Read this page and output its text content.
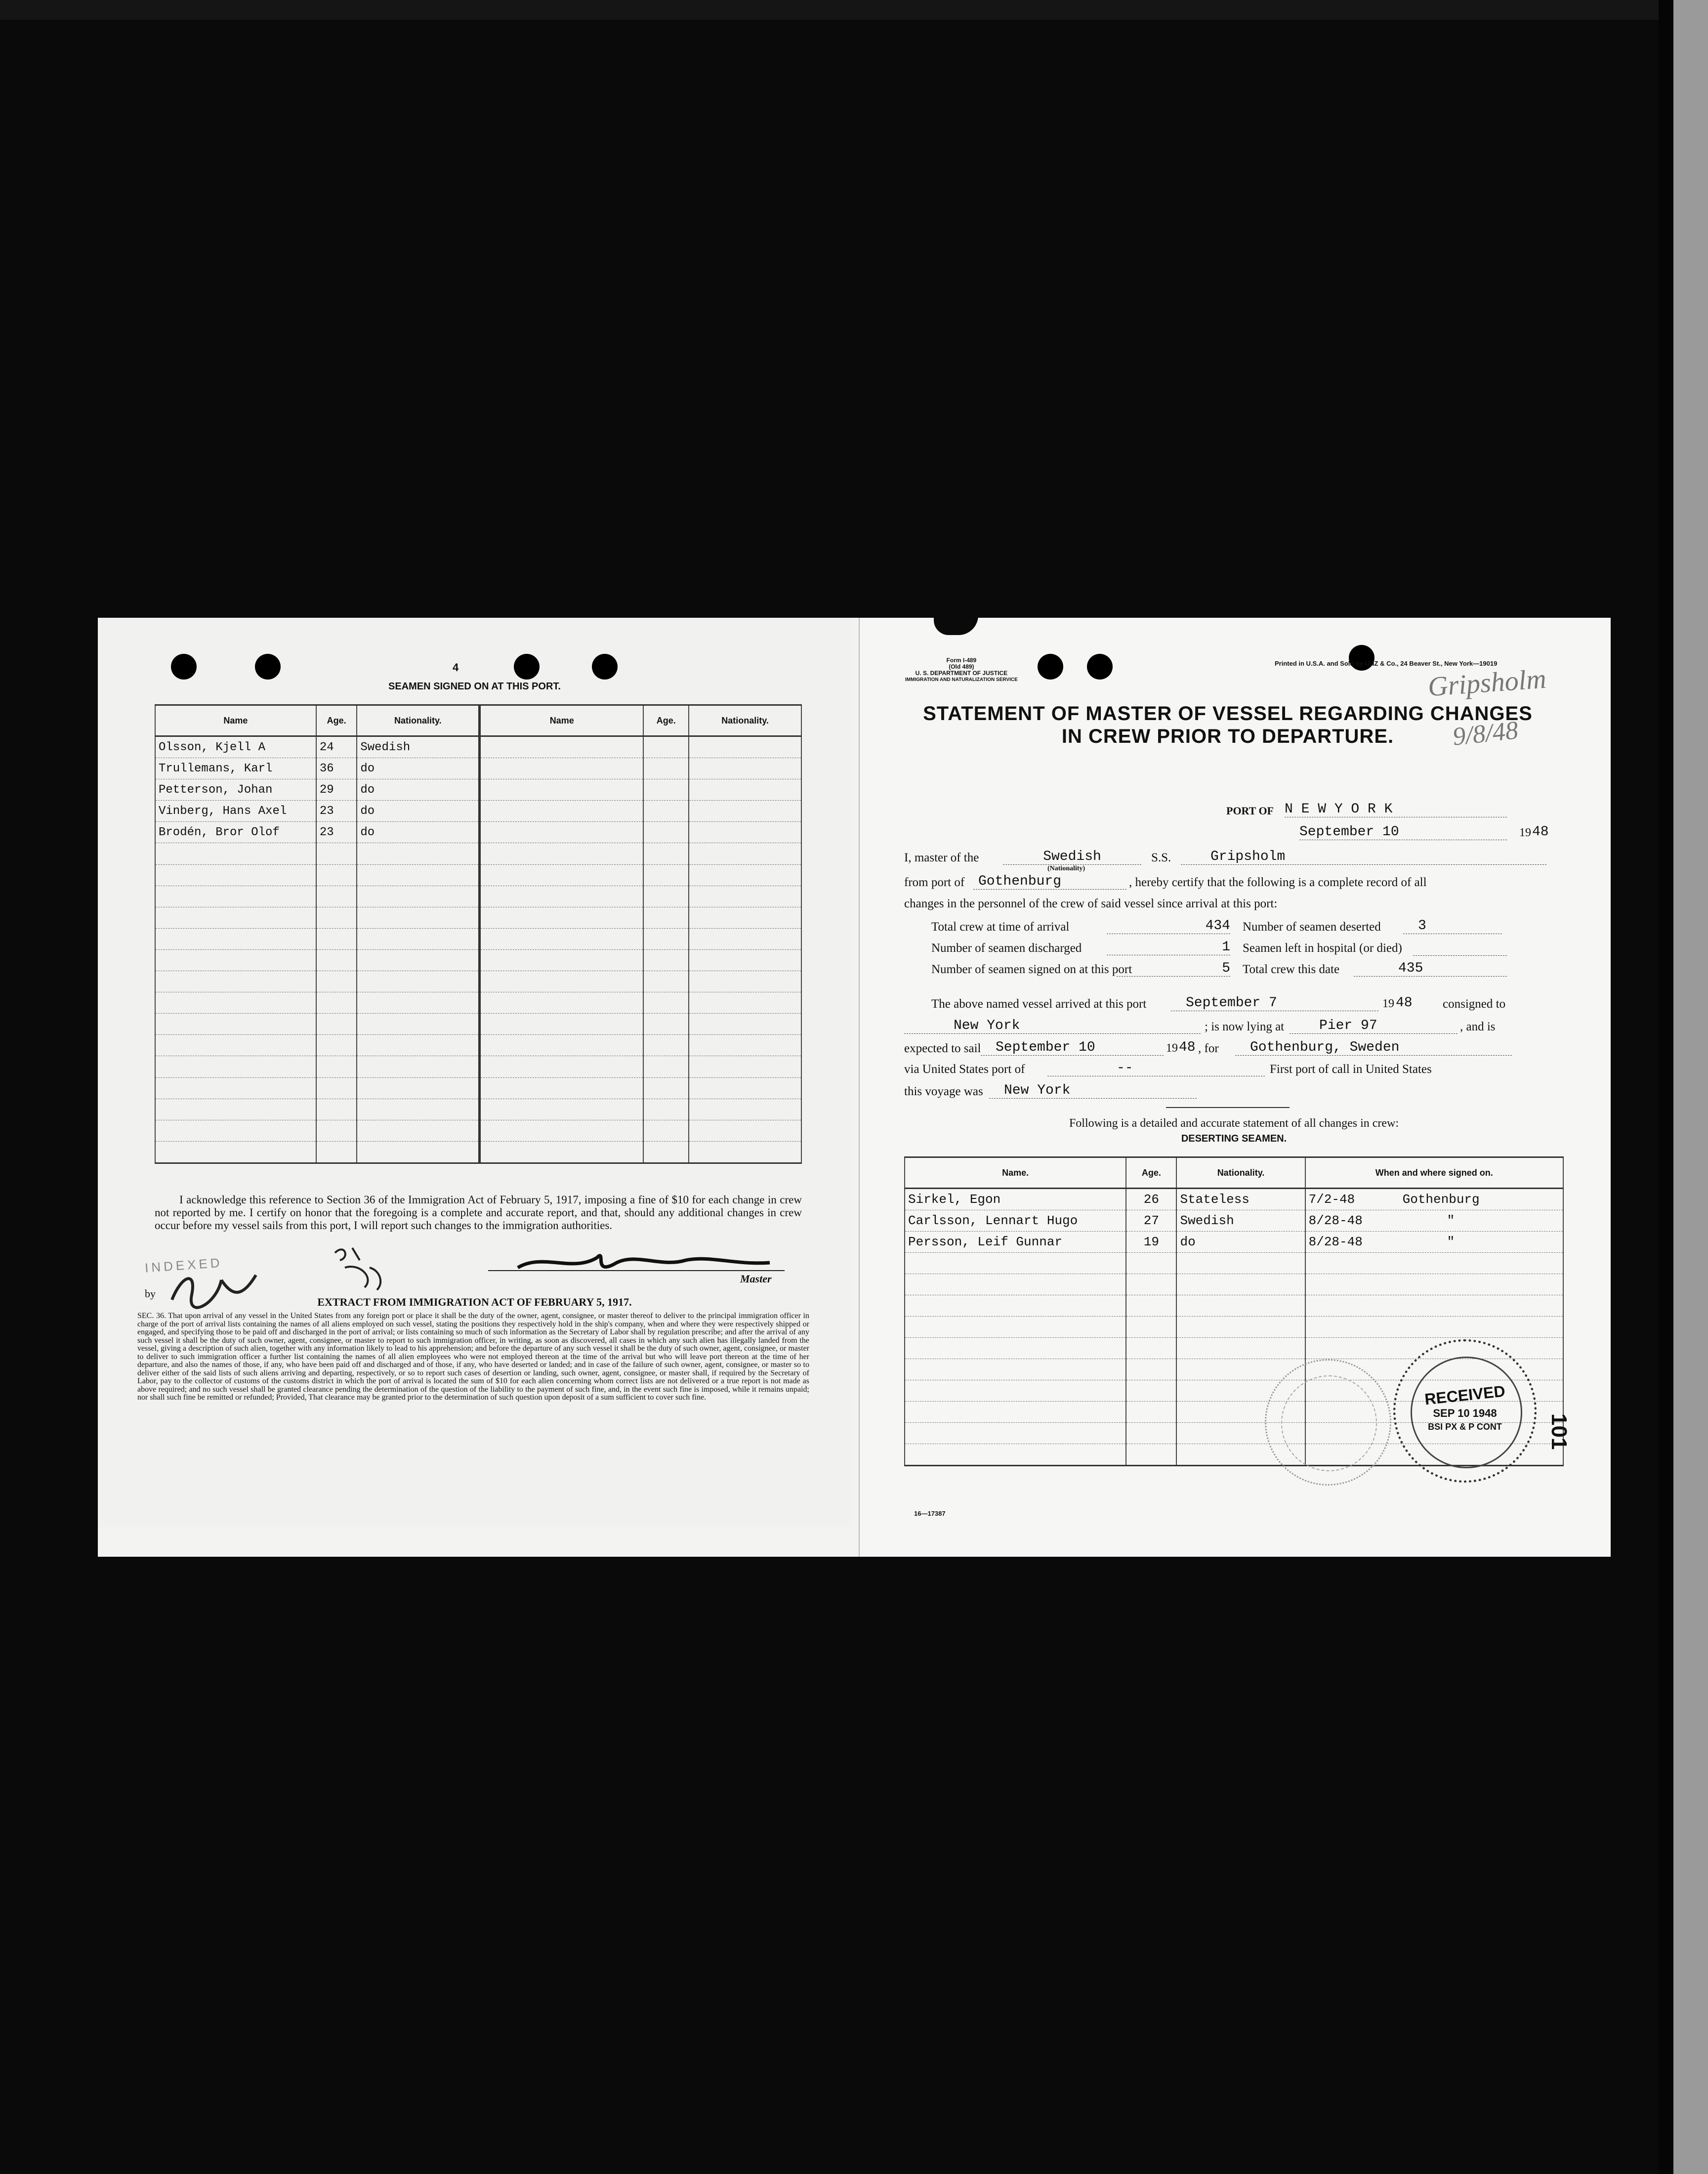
4
SEAMEN SIGNED ON AT THIS PORT.
Name	Age.	Nationality.	Name	Age.	Nationality.
Olsson, Kjell A	24	Swedish			
Trullemans, Karl	36	do			
Petterson, Johan	29	do			
Vinberg, Hans Axel	23	do			
Brodén, Bror Olof	23	do			

I acknowledge this reference to Section 36 of the Immigration Act of February 5, 1917, imposing a fine of $10 for each change in crew not reported by me. I certify on honor that the foregoing is a complete and accurate report, and that, should any additional changes in crew occur before my vessel sails from this port, I will report such changes to the immigration authorities.
INDEXED
by
Master
EXTRACT FROM IMMIGRATION ACT OF FEBRUARY 5, 1917.
SEC. 36. That upon arrival of any vessel in the United States from any foreign port or place it shall be the duty of the owner, agent, consignee, or master thereof to deliver to the principal immigration officer in charge of the port of arrival lists containing the names of all aliens employed on such vessel, stating the positions they respectively hold in the ship's company, when and where they were respectively shipped or engaged, and specifying those to be paid off and discharged in the port of arrival; or lists containing so much of such information as the Secretary of Labor shall by regulation prescribe; and after the arrival of any such vessel it shall be the duty of such owner, agent, consignee, or master to report to such immigration officer, in writing, as soon as discovered, all cases in which any such alien has illegally landed from the vessel, giving a description of such alien, together with any information likely to lead to his apprehension; and before the departure of any such vessel it shall be the duty of such owner, agent, consignee, or master to deliver to such immigration officer a further list containing the names of all alien employees who were not employed thereon at the time of the arrival but who will leave port thereon at the time of her departure, and also the names of those, if any, who have been paid off and discharged and of those, if any, who have deserted or landed; and in case of the failure of such owner, agent, consignee, or master so to deliver either of the said lists of such aliens arriving and departing, respectively, or so to report such cases of desertion or landing, such owner, agent, consignee, or master shall, if required by the Secretary of Labor, pay to the collector of customs of the customs district in which the port of arrival is located the sum of $10 for each alien concerning whom correct lists are not delivered or a true report is not made as above required; and no such vessel shall be granted clearance pending the determination of the question of the liability to the payment of such fine, and, in the event such fine is imposed, while it remains unpaid; nor shall such fine be remitted or refunded; Provided, That clearance may be granted prior to the determination of such question upon deposit of a sum sufficient to cover such fine.
Form I-489
(Old 489)
U. S. DEPARTMENT OF JUSTICE
IMMIGRATION AND NATURALIZATION SERVICE
Printed in U.S.A. and Sold by UNZ & Co., 24 Beaver St., New York—19019
Gripsholm
9/8/48
STATEMENT OF MASTER OF VESSEL REGARDING CHANGES
IN CREW PRIOR TO DEPARTURE.
PORT OF N E W Y O R K
September 10	19 48
I, master of the	Swedish
(Nationality)
S.S.	Gripsholm
from port of Gothenburg	, hereby certify that the following is a complete record of all
changes in the personnel of the crew of said vessel since arrival at this port:
Total crew at time of arrival	434 Number of seamen deserted	3
Number of seamen discharged	1 Seamen left in hospital (or died)
Number of seamen signed on at this port	5 Total crew this date	435
The above named vessel arrived at this port	September 7	19 48 consigned to
New York	; is now lying at	Pier 97	, and is
expected to sail	September 10	19 48 , for	Gothenburg, Sweden
via United States port of	--	First port of call in United States
this voyage was	New York
Following is a detailed and accurate statement of all changes in crew:
DESERTING SEAMEN.
Name.	Age.	Nationality.	When and where signed on.
Sirkel, Egon	26	Stateless	7/2-48 Gothenburg
Carlsson, Lennart Hugo	27	Swedish	8/28-48 "
Persson, Leif Gunnar	19	do	8/28-48 "

RECEIVED
SEP 10 1948
BSI PX & P CONT	101
16—17387
